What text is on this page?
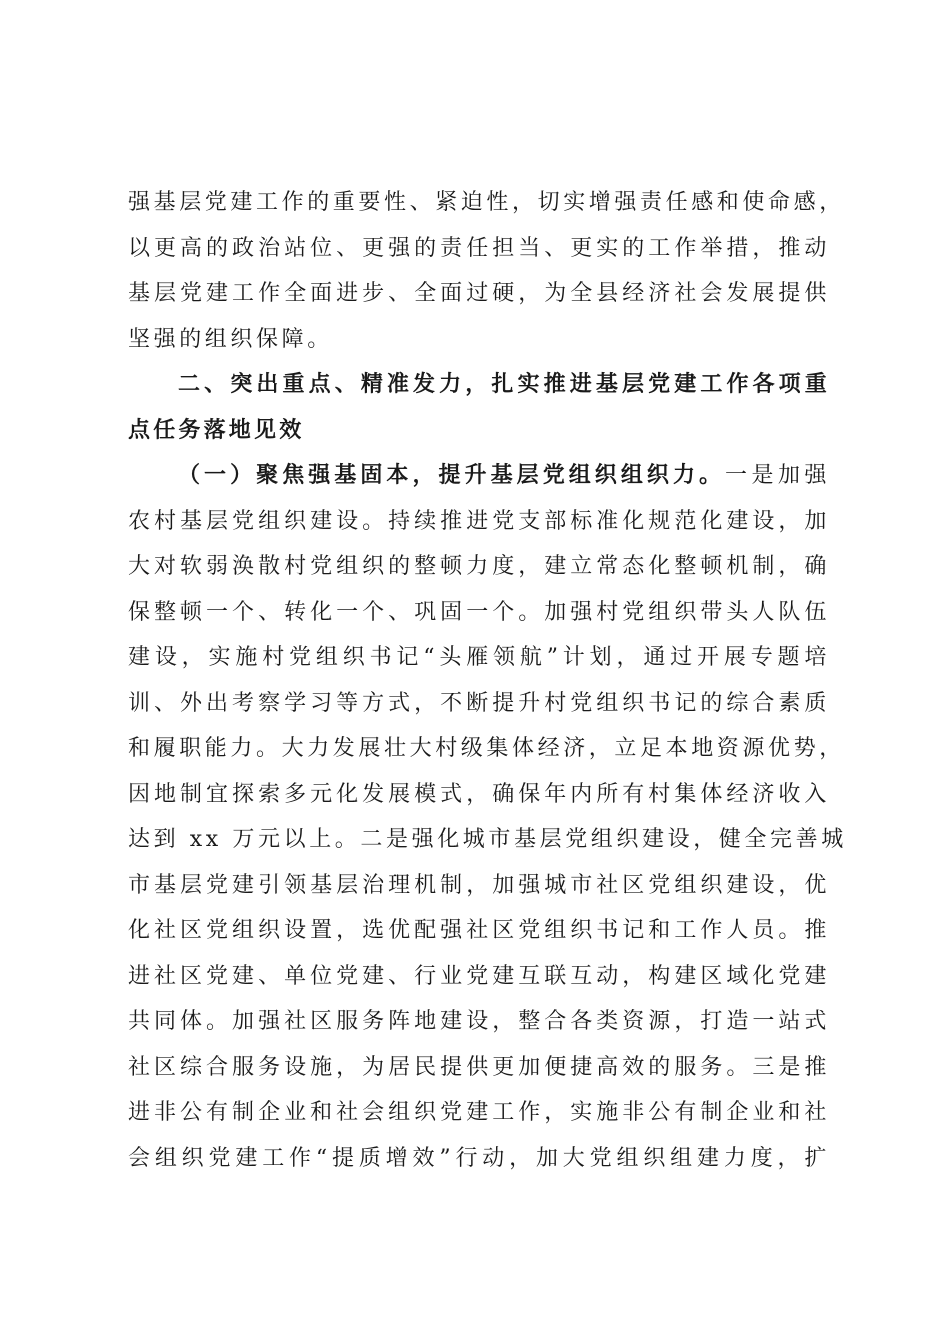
强基层党建工作的重要性、紧迫性，切实增强责任感和使命感，
以更高的政治站位、更强的责任担当、更实的工作举措，推动
基层党建工作全面进步、全面过硬，为全县经济社会发展提供
坚强的组织保障。
二、突出重点、精准发力，扎实推进基层党建工作各项重
点任务落地见效
（一）聚焦强基固本，提升基层党组织组织力。一是加强
农村基层党组织建设。持续推进党支部标准化规范化建设，加
大对软弱涣散村党组织的整顿力度，建立常态化整顿机制，确
保整顿一个、转化一个、巩固一个。加强村党组织带头人队伍
建设，实施村党组织书记“头雁领航”计划，通过开展专题培
训、外出考察学习等方式，不断提升村党组织书记的综合素质
和履职能力。大力发展壮大村级集体经济，立足本地资源优势，
因地制宜探索多元化发展模式，确保年内所有村集体经济收入
达到 xx 万元以上。二是强化城市基层党组织建设，健全完善城
市基层党建引领基层治理机制，加强城市社区党组织建设，优
化社区党组织设置，选优配强社区党组织书记和工作人员。推
进社区党建、单位党建、行业党建互联互动，构建区域化党建
共同体。加强社区服务阵地建设，整合各类资源，打造一站式
社区综合服务设施，为居民提供更加便捷高效的服务。三是推
进非公有制企业和社会组织党建工作，实施非公有制企业和社
会组织党建工作“提质增效”行动，加大党组织组建力度，扩
